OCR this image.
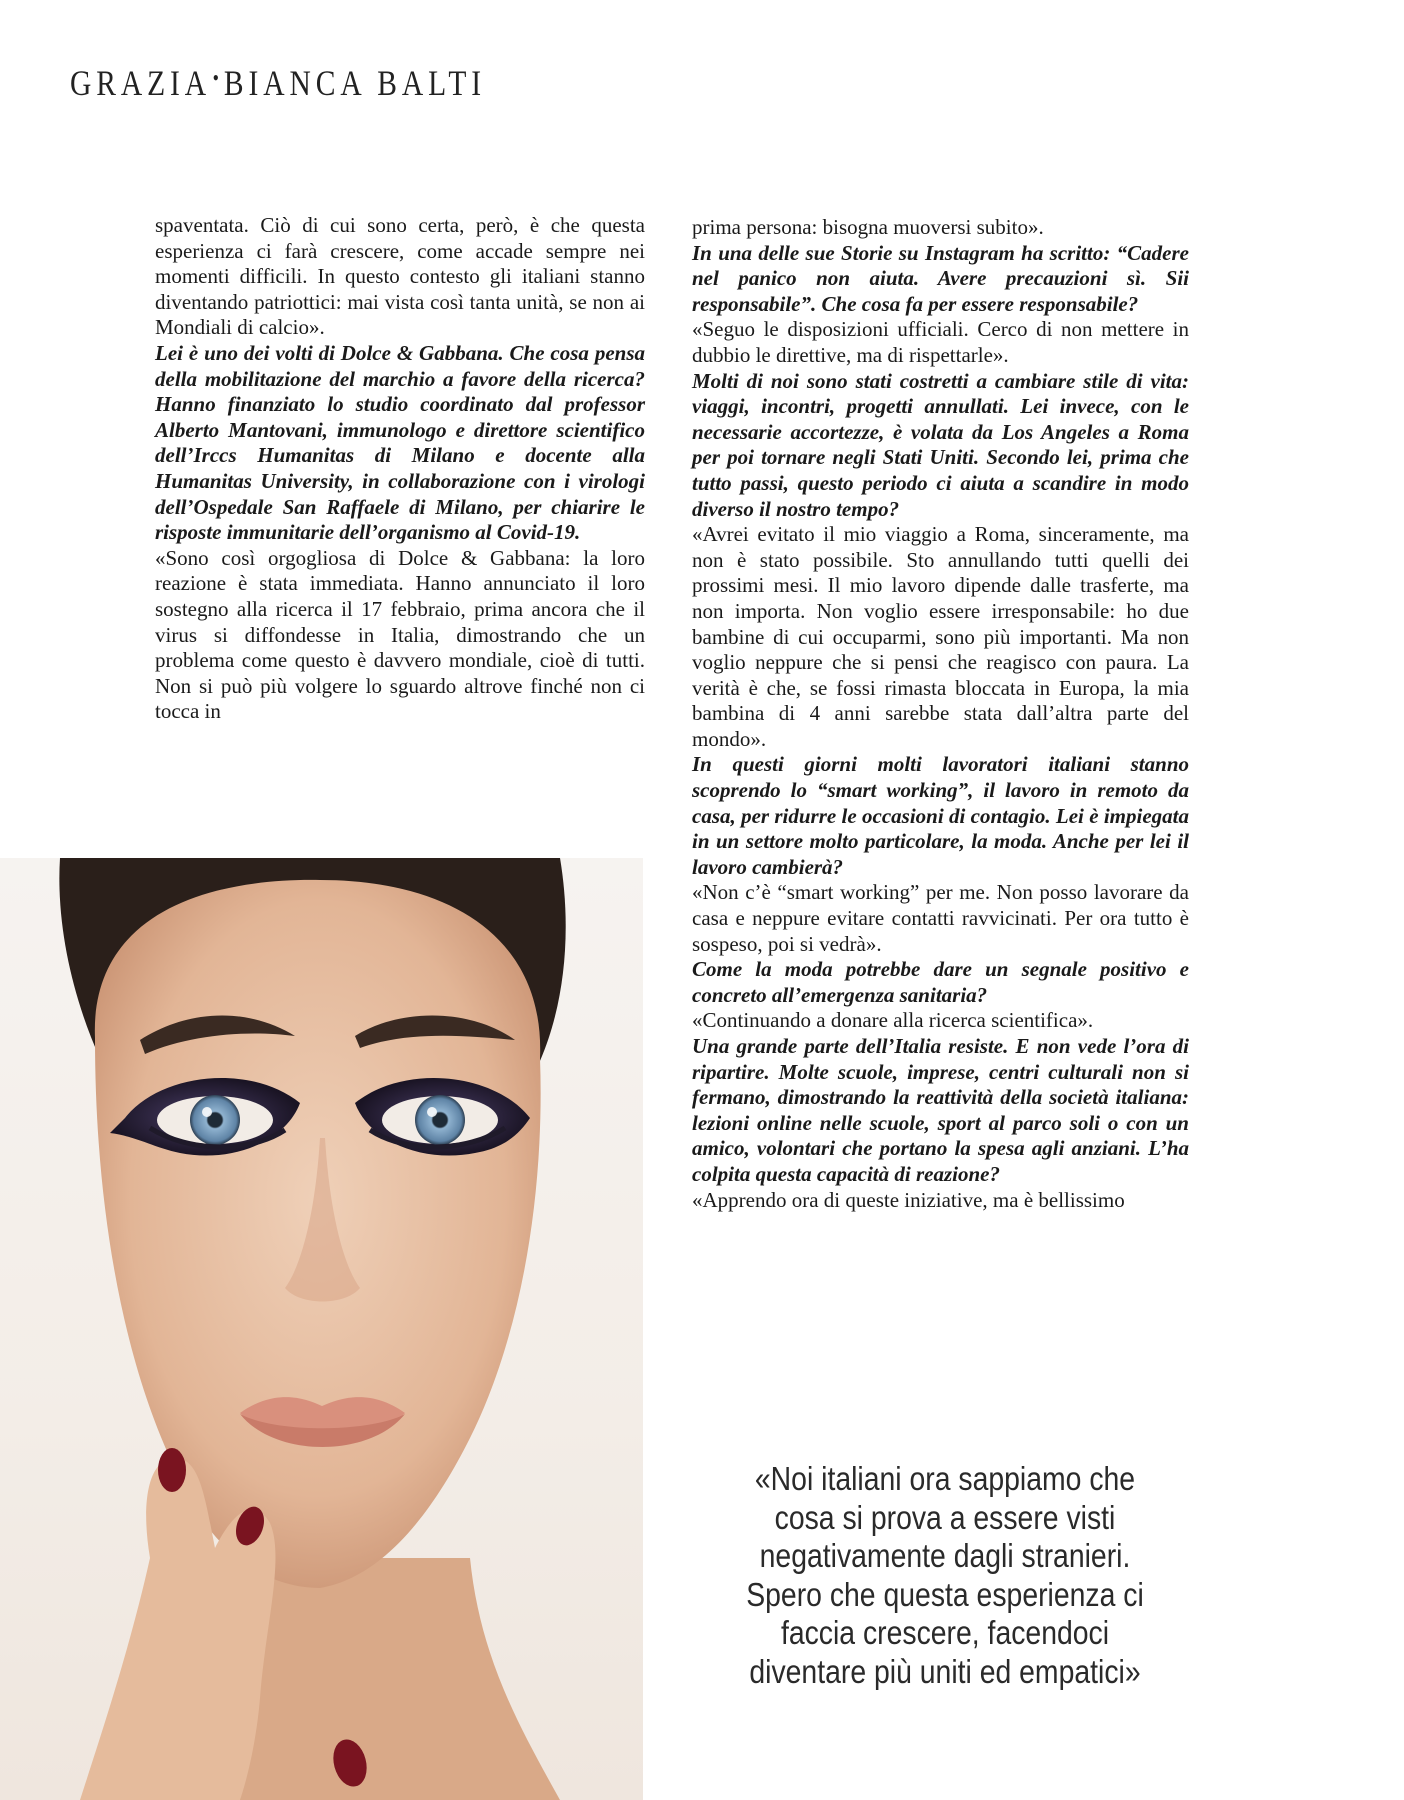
GRAZIA• BIANCA BALTI

spaventata. Ciò di cui sono certa, però, è che questa esperienza ci farà crescere, come accade sempre nei momenti difficili. In questo contesto gli italiani stanno diventando patriottici: mai vista così tanta unità, se non ai Mondiali di calcio».

Lei è uno dei volti di Dolce & Gabbana. Che cosa pensa della mobilitazione del marchio a favore della ricerca? Hanno finanziato lo studio coordinato dal professor Alberto Mantovani, immunologo e direttore scientifico dell’Irccs Humanitas di Milano e docente alla Humanitas University, in collaborazione con i virologi dell’Ospedale San Raffaele di Milano, per chiarire le risposte immunitarie dell’organismo al Covid-19.

«Sono così orgogliosa di Dolce & Gabbana: la loro reazione è stata immediata. Hanno annunciato il loro sostegno alla ricerca il 17 febbraio, prima ancora che il virus si diffondesse in Italia, dimostrando che un problema come questo è davvero mondiale, cioè di tutti. Non si può più volgere lo sguardo altrove finché non ci tocca in

prima persona: bisogna muoversi subito».

In una delle sue Storie su Instagram ha scritto: “Cadere nel panico non aiuta. Avere precauzioni sì. Sii responsabile”. Che cosa fa per essere responsabile?

«Seguo le disposizioni ufficiali. Cerco di non mettere in dubbio le direttive, ma di rispettarle».

Molti di noi sono stati costretti a cambiare stile di vita: viaggi, incontri, progetti annullati. Lei invece, con le necessarie accortezze, è volata da Los Angeles a Roma per poi tornare negli Stati Uniti. Secondo lei, prima che tutto passi, questo periodo ci aiuta a scandire in modo diverso il nostro tempo?

«Avrei evitato il mio viaggio a Roma, sinceramente, ma non è stato possibile. Sto annullando tutti quelli dei prossimi mesi. Il mio lavoro dipende dalle trasferte, ma non importa. Non voglio essere irresponsabile: ho due bambine di cui occuparmi, sono più importanti. Ma non voglio neppure che si pensi che reagisco con paura. La verità è che, se fossi rimasta bloccata in Europa, la mia bambina di 4 anni sarebbe stata dall’altra parte del mondo».

In questi giorni molti lavoratori italiani stanno scoprendo lo “smart working”, il lavoro in remoto da casa, per ridurre le occasioni di contagio. Lei è impiegata in un settore molto particolare, la moda. Anche per lei il lavoro cambierà?

«Non c’è “smart working” per me. Non posso lavorare da casa e neppure evitare contatti ravvicinati. Per ora tutto è sospeso, poi si vedrà».

Come la moda potrebbe dare un segnale positivo e concreto all’emergenza sanitaria?

«Continuando a donare alla ricerca scientifica».

Una grande parte dell’Italia resiste. E non vede l’ora di ripartire. Molte scuole, imprese, centri culturali non si fermano, dimostrando la reattività della società italiana: lezioni online nelle scuole, sport al parco soli o con un amico, volontari che portano la spesa agli anziani. L’ha colpita questa capacità di reazione?

«Apprendo ora di queste iniziative, ma è bellissimo

«Noi italiani ora sappiamo che cosa si prova a essere visti negativamente dagli stranieri. Spero che questa esperienza ci faccia crescere, facendoci diventare più uniti ed empatici»
